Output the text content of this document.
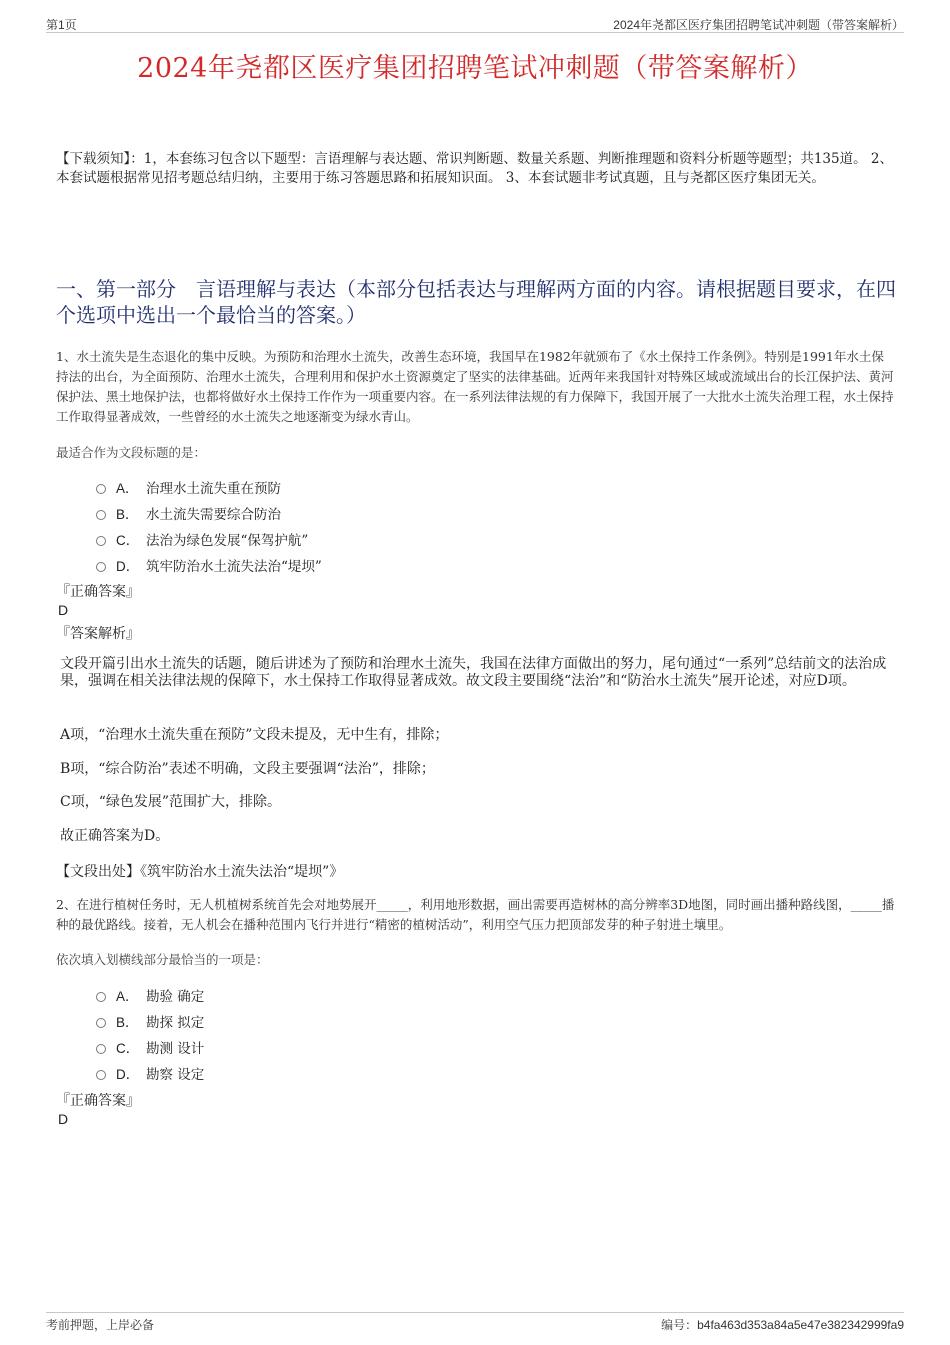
第1页	2024年尧都区医疗集团招聘笔试冲刺题（带答案解析）
2024年尧都区医疗集团招聘笔试冲刺题（带答案解析）
【下载须知】：1，本套练习包含以下题型：言语理解与表达题、常识判断题、数量关系题、判断推理题和资料分析题等题型；共135道。 2、本套试题根据常见招考题总结归纳，主要用于练习答题思路和拓展知识面。 3、本套试题非考试真题，且与尧都区医疗集团无关。
一、第一部分　言语理解与表达（本部分包括表达与理解两方面的内容。请根据题目要求，在四个选项中选出一个最恰当的答案。）
1、水土流失是生态退化的集中反映。为预防和治理水土流失，改善生态环境，我国早在1982年就颁布了《水土保持工作条例》。特别是1991年水土保持法的出台，为全面预防、治理水土流失，合理利用和保护水土资源奠定了坚实的法律基础。近两年来我国针对特殊区域或流域出台的长江保护法、黄河保护法、黑土地保护法，也都将做好水土保持工作作为一项重要内容。在一系列法律法规的有力保障下，我国开展了一大批水土流失治理工程，水土保持工作取得显著成效，一些曾经的水土流失之地逐渐变为绿水青山。
最适合作为文段标题的是：
A． 治理水土流失重在预防
B． 水土流失需要综合防治
C． 法治为绿色发展“保驾护航”
D． 筑牢防治水土流失法治“堤坝”
『正确答案』
D
『答案解析』
文段开篇引出水土流失的话题，随后讲述为了预防和治理水土流失，我国在法律方面做出的努力，尾句通过“一系列”总结前文的法治成果，强调在相关法律法规的保障下，水土保持工作取得显著成效。故文段主要围绕“法治”和“防治水土流失”展开论述，对应D项。
A项，“治理水土流失重在预防”文段未提及，无中生有，排除；
B项，“综合防治”表述不明确，文段主要强调“法治”，排除；
C项，“绿色发展”范围扩大，排除。
故正确答案为D。
【文段出处】《筑牢防治水土流失法治“堤坝”》
2、在进行植树任务时，无人机植树系统首先会对地势展开_____，利用地形数据，画出需要再造树林的高分辨率3D地图，同时画出播种路线图，_____播种的最优路线。接着，无人机会在播种范围内飞行并进行“精密的植树活动”，利用空气压力把顶部发芽的种子射进土壤里。
依次填入划横线部分最恰当的一项是：
A． 勘验 确定
B． 勘探 拟定
C． 勘测 设计
D． 勘察 设定
『正确答案』
D
考前押题，上岸必备	编号：b4fa463d353a84a5e47e382342999fa9
